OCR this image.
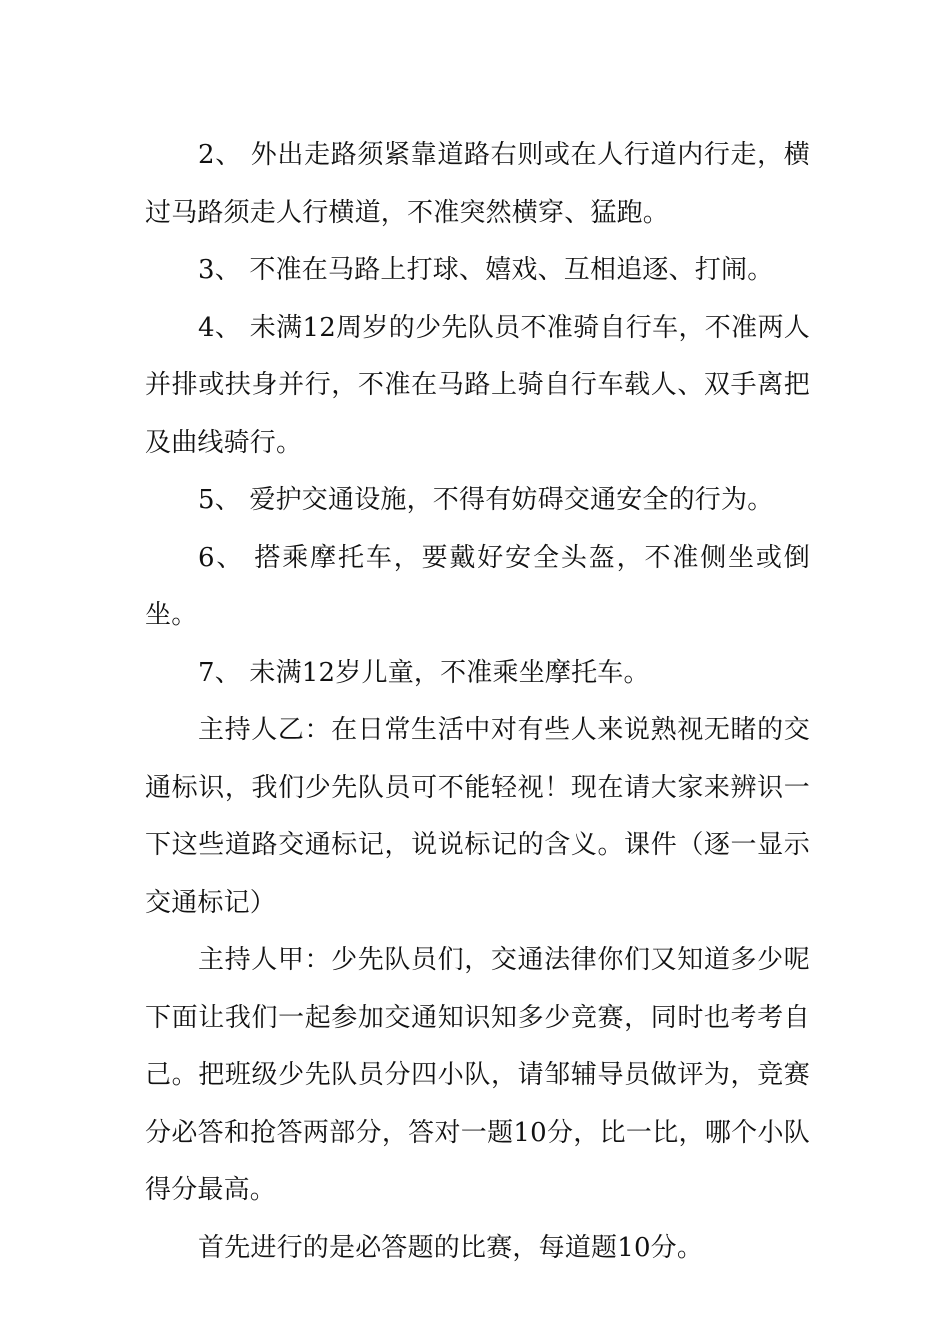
2、 外出走路须紧靠道路右则或在人行道内行走，横过马路须走人行横道，不准突然横穿、猛跑。

3、 不准在马路上打球、嬉戏、互相追逐、打闹。

4、 未满12周岁的少先队员不准骑自行车，不准两人并排或扶身并行，不准在马路上骑自行车载人、双手离把及曲线骑行。

5、 爱护交通设施，不得有妨碍交通安全的行为。

6、 搭乘摩托车，要戴好安全头盔，不准侧坐或倒坐。

7、 未满12岁儿童，不准乘坐摩托车。

主持人乙：在日常生活中对有些人来说熟视无睹的交通标识，我们少先队员可不能轻视！现在请大家来辨识一下这些道路交通标记，说说标记的含义。课件（逐一显示交通标记）

主持人甲：少先队员们，交通法律你们又知道多少呢下面让我们一起参加交通知识知多少竞赛，同时也考考自己。把班级少先队员分四小队，请邹辅导员做评为，竞赛分必答和抢答两部分，答对一题10分，比一比，哪个小队得分最高。

首先进行的是必答题的比赛，每道题10分。
